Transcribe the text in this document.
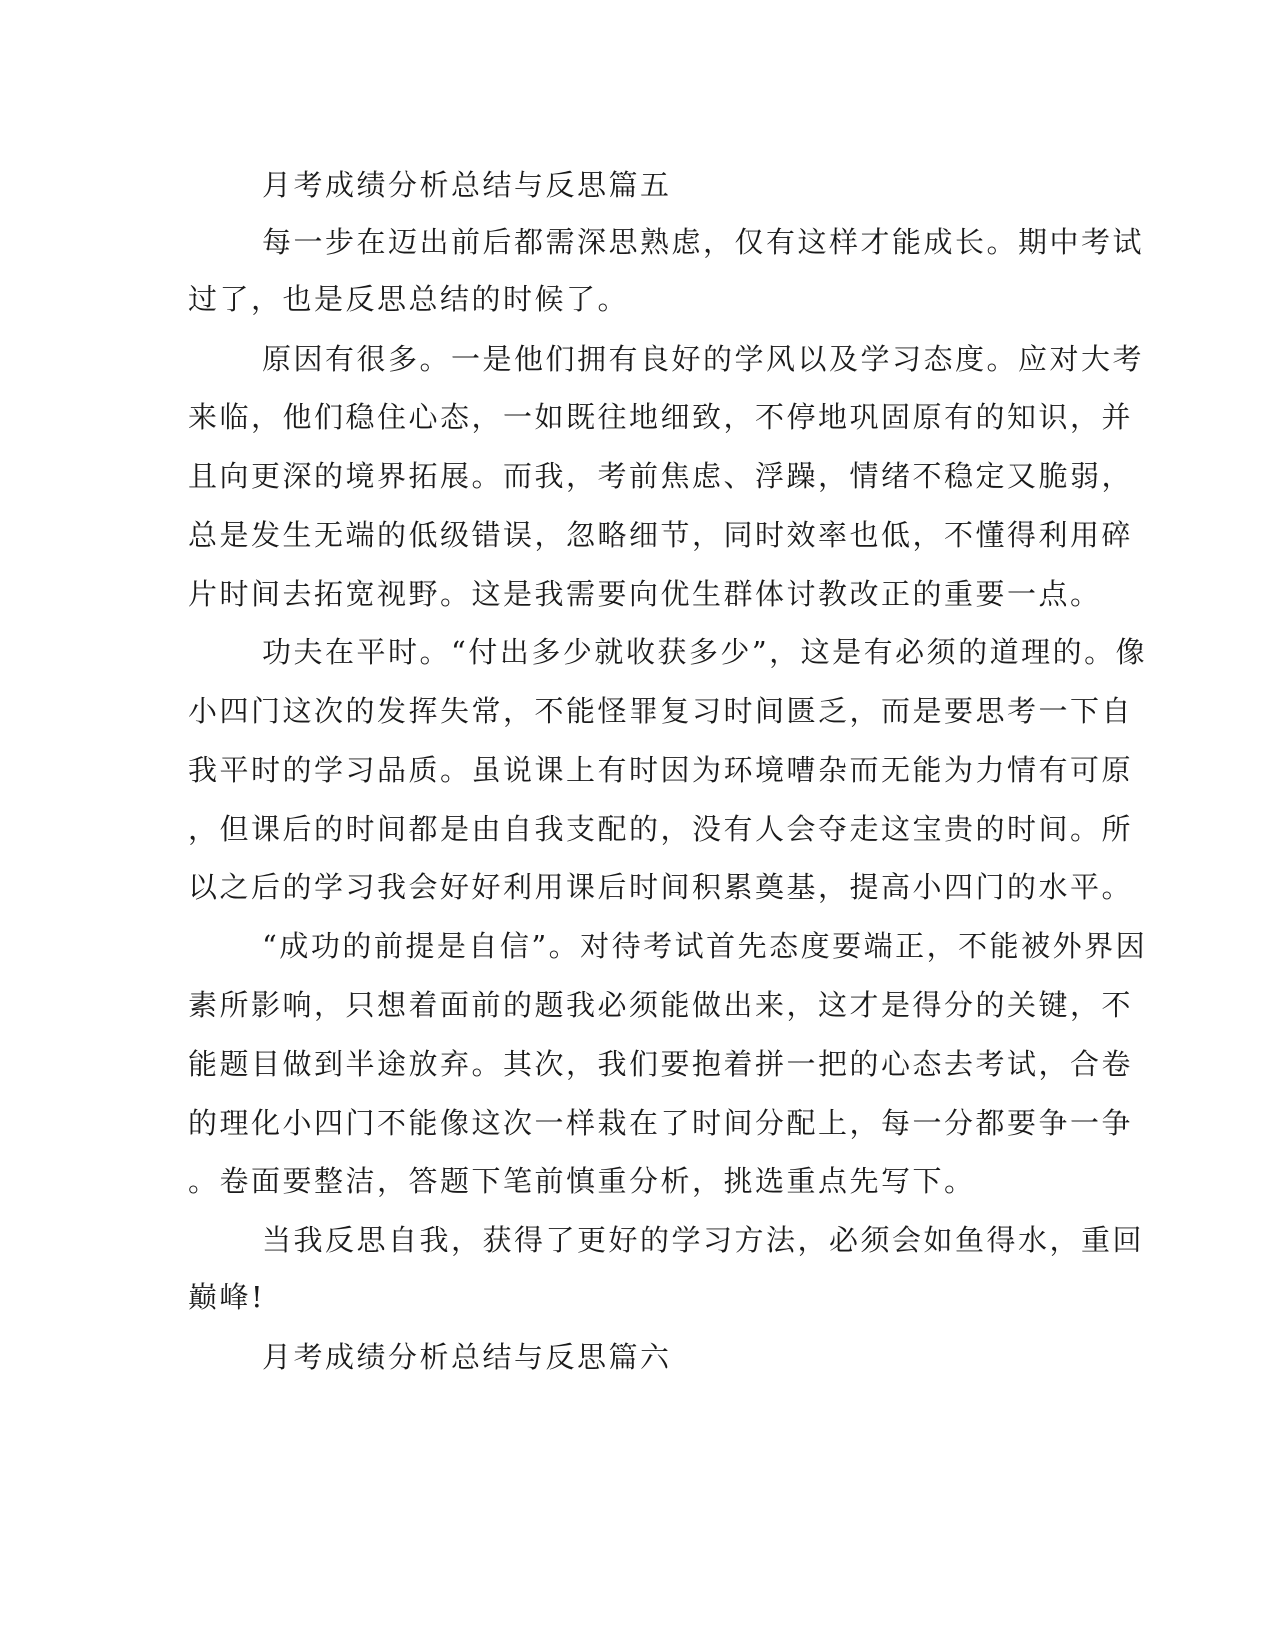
月考成绩分析总结与反思篇五
每一步在迈出前后都需深思熟虑，仅有这样才能成长。期中考试
过了，也是反思总结的时候了。
原因有很多。一是他们拥有良好的学风以及学习态度。应对大考
来临，他们稳住心态，一如既往地细致，不停地巩固原有的知识，并
且向更深的境界拓展。而我，考前焦虑、浮躁，情绪不稳定又脆弱，
总是发生无端的低级错误，忽略细节，同时效率也低，不懂得利用碎
片时间去拓宽视野。这是我需要向优生群体讨教改正的重要一点。
功夫在平时。“付出多少就收获多少”，这是有必须的道理的。像
小四门这次的发挥失常，不能怪罪复习时间匮乏，而是要思考一下自
我平时的学习品质。虽说课上有时因为环境嘈杂而无能为力情有可原
，但课后的时间都是由自我支配的，没有人会夺走这宝贵的时间。所
以之后的学习我会好好利用课后时间积累奠基，提高小四门的水平。
“成功的前提是自信”。对待考试首先态度要端正，不能被外界因
素所影响，只想着面前的题我必须能做出来，这才是得分的关键，不
能题目做到半途放弃。其次，我们要抱着拼一把的心态去考试，合卷
的理化小四门不能像这次一样栽在了时间分配上，每一分都要争一争
。卷面要整洁，答题下笔前慎重分析，挑选重点先写下。
当我反思自我，获得了更好的学习方法，必须会如鱼得水，重回
巅峰!
月考成绩分析总结与反思篇六
